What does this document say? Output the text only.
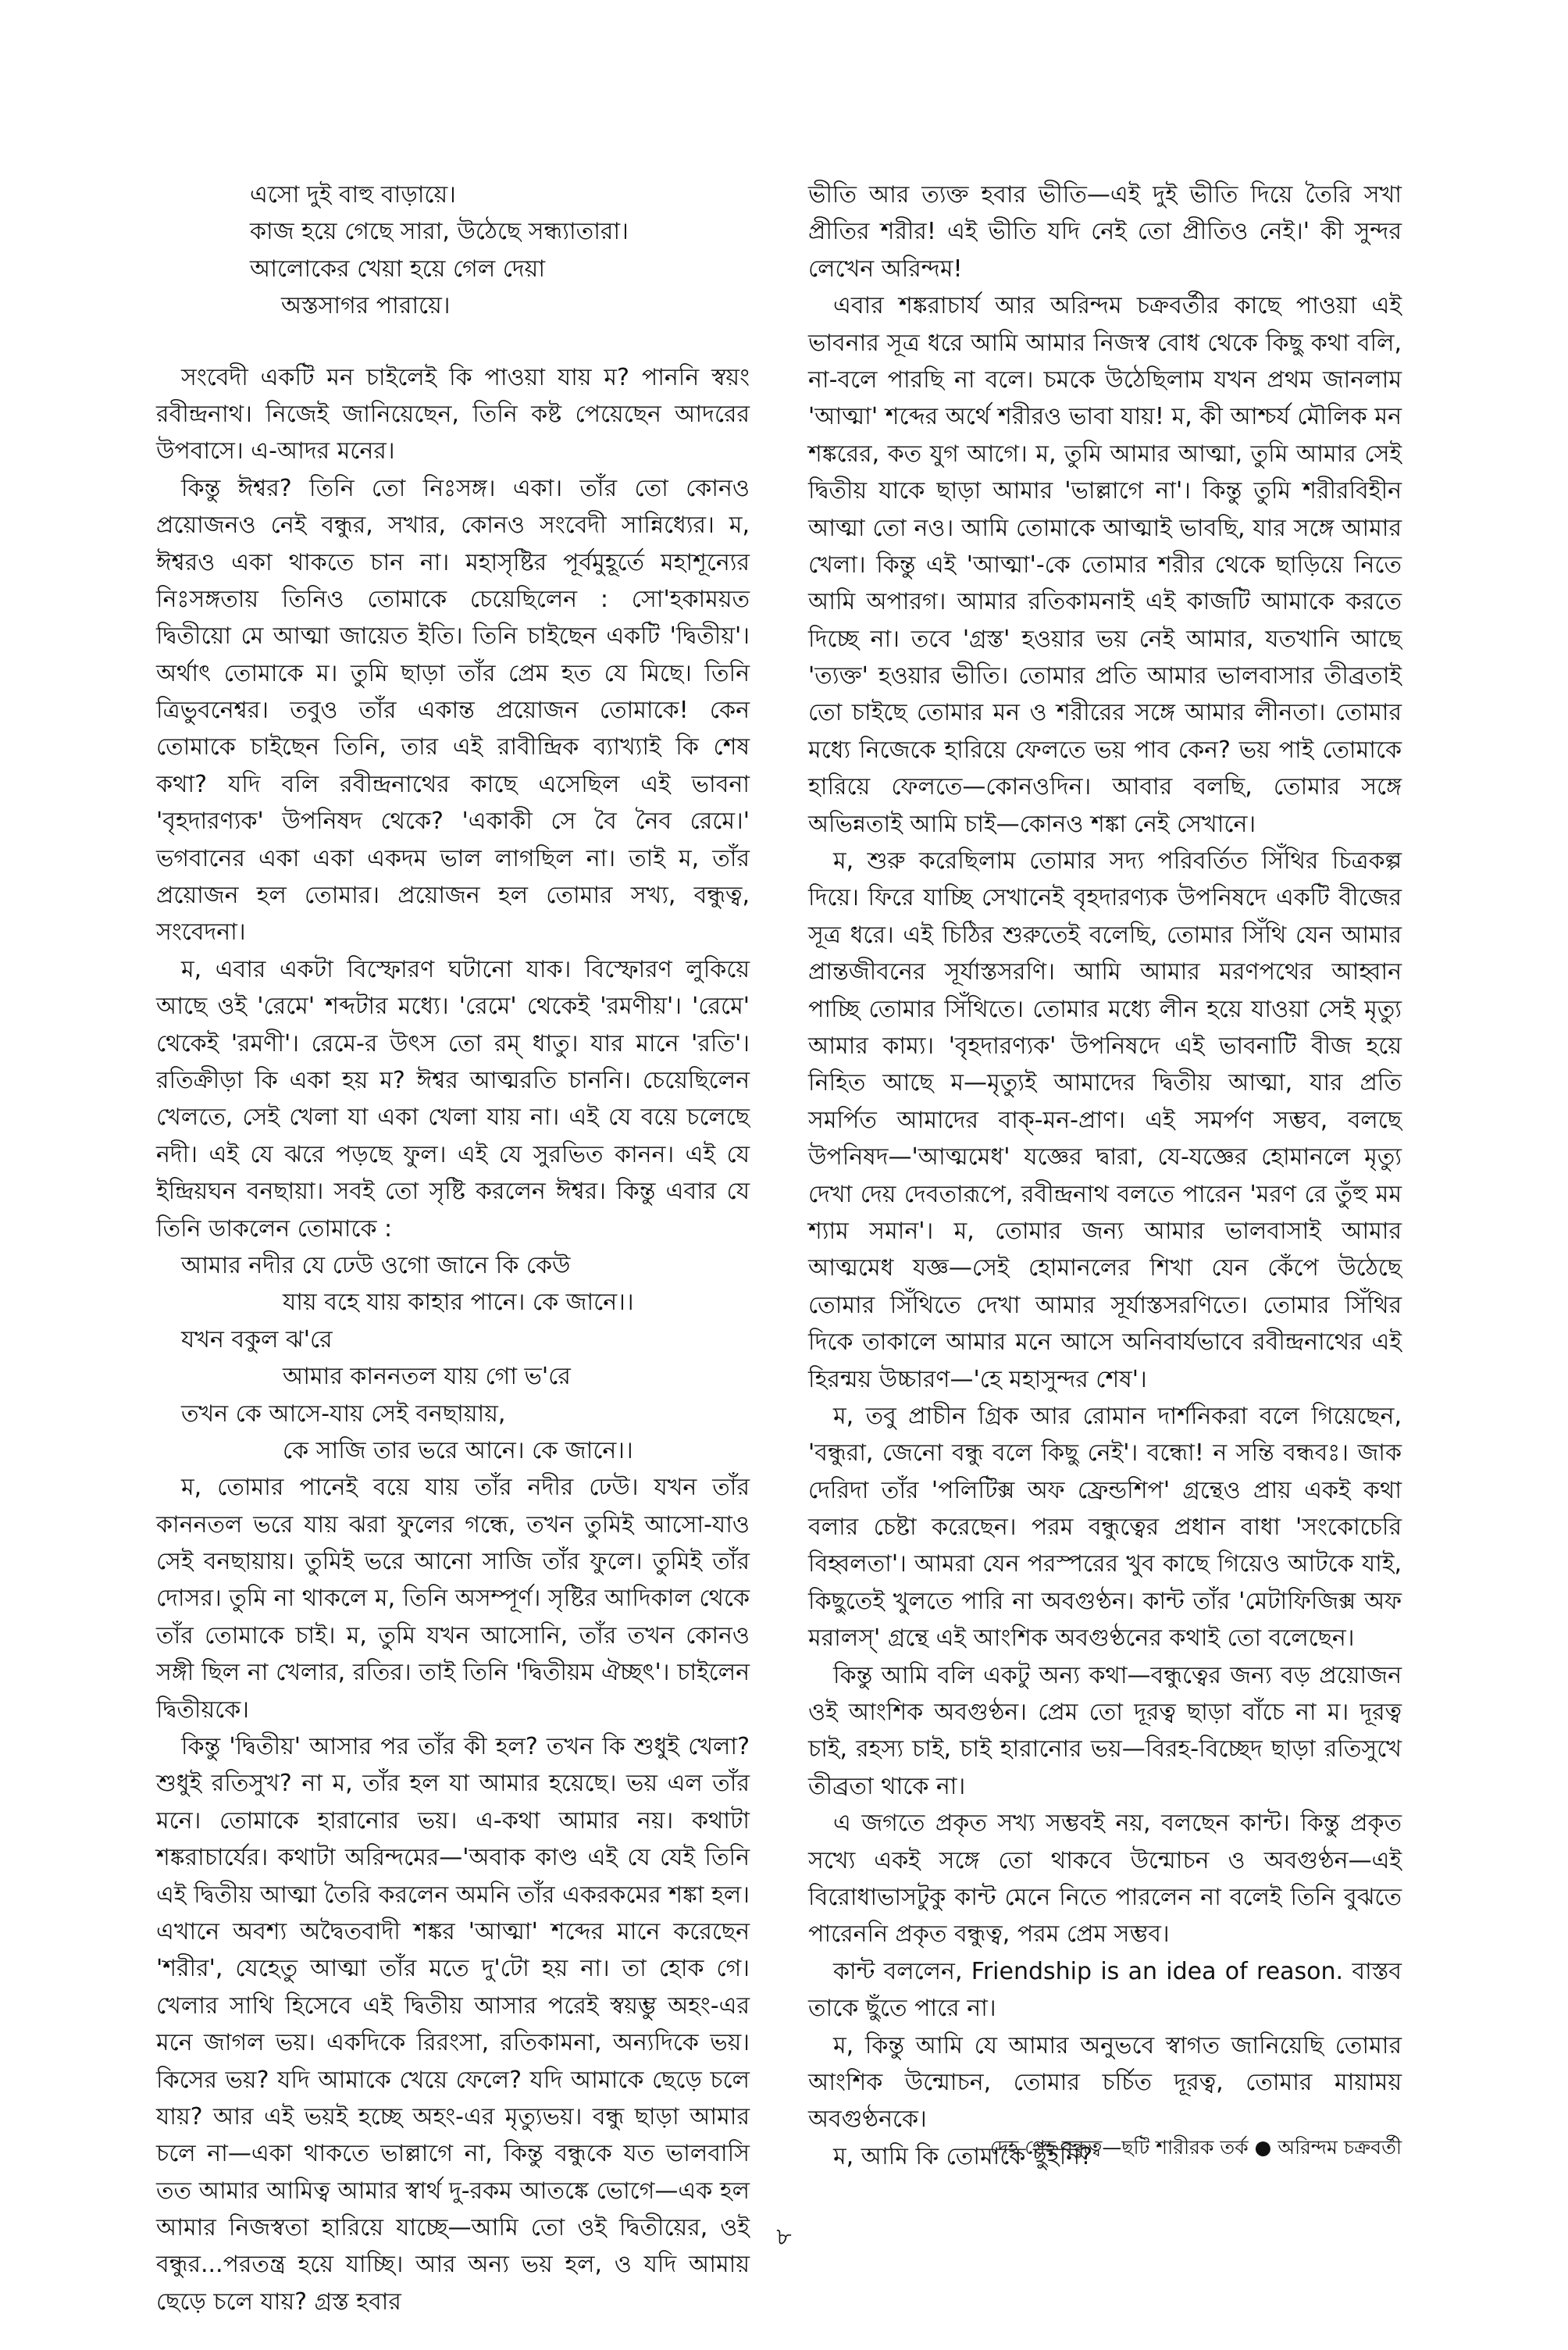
এসো দুই বাহু বাড়ায়ে।
কাজ হয়ে গেছে সারা, উঠেছে সন্ধ্যাতারা।
আলোকের খেয়া হয়ে গেল দেয়া
অস্তসাগর পারায়ে।

সংবেদী একটি মন চাইলেই কি পাওয়া যায় ম? পাননি স্বয়ং রবীন্দ্রনাথ। নিজেই জানিয়েছেন, তিনি কষ্ট পেয়েছেন আদরের উপবাসে। এ-আদর মনের।

কিন্তু ঈশ্বর? তিনি তো নিঃসঙ্গ। একা। তাঁর তো কোনও প্রয়োজনও নেই বন্ধুর, সখার, কোনও সংবেদী সান্নিধ্যের। ম, ঈশ্বরও একা থাকতে চান না। মহাসৃষ্টির পূর্বমুহূর্তে মহাশূন্যের নিঃসঙ্গতায় তিনিও তোমাকে চেয়েছিলেন : সো'হকাময়ত দ্বিতীয়ো মে আত্মা জায়েত ইতি। তিনি চাইছেন একটি 'দ্বিতীয়'। অর্থাৎ তোমাকে ম। তুমি ছাড়া তাঁর প্রেম হত যে মিছে। তিনি ত্রিভুবনেশ্বর। তবুও তাঁর একান্ত প্রয়োজন তোমাকে! কেন তোমাকে চাইছেন তিনি, তার এই রাবীন্দ্রিক ব্যাখ্যাই কি শেষ কথা? যদি বলি রবীন্দ্রনাথের কাছে এসেছিল এই ভাবনা 'বৃহদারণ্যক' উপনিষদ থেকে? 'একাকী সে বৈ নৈব রেমে।' ভগবানের একা একা একদম ভাল লাগছিল না। তাই ম, তাঁর প্রয়োজন হল তোমার। প্রয়োজন হল তোমার সখ্য, বন্ধুত্ব, সংবেদনা।

ম, এবার একটা বিস্ফোরণ ঘটানো যাক। বিস্ফোরণ লুকিয়ে আছে ওই 'রেমে' শব্দটার মধ্যে। 'রেমে' থেকেই 'রমণীয়'। 'রেমে' থেকেই 'রমণী'। রেমে-র উৎস তো রম্ ধাতু। যার মানে 'রতি'। রতিক্রীড়া কি একা হয় ম? ঈশ্বর আত্মরতি চাননি। চেয়েছিলেন খেলতে, সেই খেলা যা একা খেলা যায় না। এই যে বয়ে চলেছে নদী। এই যে ঝরে পড়ছে ফুল। এই যে সুরভিত কানন। এই যে ইন্দ্রিয়ঘন বনছায়া। সবই তো সৃষ্টি করলেন ঈশ্বর। কিন্তু এবার যে তিনি ডাকলেন তোমাকে :

আমার নদীর যে ঢেউ ওগো জানে কি কেউ
যায় বহে যায় কাহার পানে। কে জানে।।
যখন বকুল ঝ'রে
আমার কাননতল যায় গো ভ'রে
তখন কে আসে-যায় সেই বনছায়ায়,
কে সাজি তার ভরে আনে। কে জানে।।

ম, তোমার পানেই বয়ে যায় তাঁর নদীর ঢেউ। যখন তাঁর কাননতল ভরে যায় ঝরা ফুলের গন্ধে, তখন তুমিই আসো-যাও সেই বনছায়ায়। তুমিই ভরে আনো সাজি তাঁর ফুলে। তুমিই তাঁর দোসর। তুমি না থাকলে ম, তিনি অসম্পূর্ণ। সৃষ্টির আদিকাল থেকে তাঁর তোমাকে চাই। ম, তুমি যখন আসোনি, তাঁর তখন কোনও সঙ্গী ছিল না খেলার, রতির। তাই তিনি 'দ্বিতীয়ম ঐচ্ছৎ'। চাইলেন দ্বিতীয়কে।

কিন্তু 'দ্বিতীয়' আসার পর তাঁর কী হল? তখন কি শুধুই খেলা? শুধুই রতিসুখ? না ম, তাঁর হল যা আমার হয়েছে। ভয় এল তাঁর মনে। তোমাকে হারানোর ভয়। এ-কথা আমার নয়। কথাটা শঙ্করাচার্যের। কথাটা অরিন্দমের—'অবাক কাণ্ড এই যে যেই তিনি এই দ্বিতীয় আত্মা তৈরি করলেন অমনি তাঁর একরকমের শঙ্কা হল। এখানে অবশ্য অদ্বৈতবাদী শঙ্কর 'আত্মা' শব্দের মানে করেছেন 'শরীর', যেহেতু আত্মা তাঁর মতে দু'টো হয় না। তা হোক গে। খেলার সাথি হিসেবে এই দ্বিতীয় আসার পরেই স্বয়ম্ভু অহং-এর মনে জাগল ভয়। একদিকে রিরংসা, রতিকামনা, অন্যদিকে ভয়। কিসের ভয়? যদি আমাকে খেয়ে ফেলে? যদি আমাকে ছেড়ে চলে যায়? আর এই ভয়ই হচ্ছে অহং-এর মৃত্যুভয়। বন্ধু ছাড়া আমার চলে না—একা থাকতে ভাল্লাগে না, কিন্তু বন্ধুকে যত ভালবাসি তত আমার আমিত্ব আমার স্বার্থ দু-রকম আতঙ্কে ভোগে—এক হল আমার নিজস্বতা হারিয়ে যাচ্ছে—আমি তো ওই দ্বিতীয়ের, ওই বন্ধুর...পরতন্ত্র হয়ে যাচ্ছি। আর অন্য ভয় হল, ও যদি আমায় ছেড়ে চলে যায়? গ্রস্ত হবার

ভীতি আর ত্যক্ত হবার ভীতি—এই দুই ভীতি দিয়ে তৈরি সখা প্রীতির শরীর! এই ভীতি যদি নেই তো প্রীতিও নেই।' কী সুন্দর লেখেন অরিন্দম!

এবার শঙ্করাচার্য আর অরিন্দম চক্রবর্তীর কাছে পাওয়া এই ভাবনার সূত্র ধরে আমি আমার নিজস্ব বোধ থেকে কিছু কথা বলি, না-বলে পারছি না বলে। চমকে উঠেছিলাম যখন প্রথম জানলাম 'আত্মা' শব্দের অর্থে শরীরও ভাবা যায়! ম, কী আশ্চর্য মৌলিক মন শঙ্করের, কত যুগ আগে। ম, তুমি আমার আত্মা, তুমি আমার সেই দ্বিতীয় যাকে ছাড়া আমার 'ভাল্লাগে না'। কিন্তু তুমি শরীরবিহীন আত্মা তো নও। আমি তোমাকে আত্মাই ভাবছি, যার সঙ্গে আমার খেলা। কিন্তু এই 'আত্মা'-কে তোমার শরীর থেকে ছাড়িয়ে নিতে আমি অপারগ। আমার রতিকামনাই এই কাজটি আমাকে করতে দিচ্ছে না। তবে 'গ্রস্ত' হওয়ার ভয় নেই আমার, যতখানি আছে 'ত্যক্ত' হওয়ার ভীতি। তোমার প্রতি আমার ভালবাসার তীব্রতাই তো চাইছে তোমার মন ও শরীরের সঙ্গে আমার লীনতা। তোমার মধ্যে নিজেকে হারিয়ে ফেলতে ভয় পাব কেন? ভয় পাই তোমাকে হারিয়ে ফেলতে—কোনওদিন। আবার বলছি, তোমার সঙ্গে অভিন্নতাই আমি চাই—কোনও শঙ্কা নেই সেখানে।

ম, শুরু করেছিলাম তোমার সদ্য পরিবর্তিত সিঁথির চিত্রকল্প দিয়ে। ফিরে যাচ্ছি সেখানেই বৃহদারণ্যক উপনিষদে একটি বীজের সূত্র ধরে। এই চিঠির শুরুতেই বলেছি, তোমার সিঁথি যেন আমার প্রান্তজীবনের সূর্যাস্তসরণি। আমি আমার মরণপথের আহ্বান পাচ্ছি তোমার সিঁথিতে। তোমার মধ্যে লীন হয়ে যাওয়া সেই মৃত্যু আমার কাম্য। 'বৃহদারণ্যক' উপনিষদে এই ভাবনাটি বীজ হয়ে নিহিত আছে ম—মৃত্যুই আমাদের দ্বিতীয় আত্মা, যার প্রতি সমর্পিত আমাদের বাক্-মন-প্রাণ। এই সমর্পণ সম্ভব, বলছে উপনিষদ—'আত্মমেধ' যজ্ঞের দ্বারা, যে-যজ্ঞের হোমানলে মৃত্যু দেখা দেয় দেবতারূপে, রবীন্দ্রনাথ বলতে পারেন 'মরণ রে তুঁহু মম শ্যাম সমান'। ম, তোমার জন্য আমার ভালবাসাই আমার আত্মমেধ যজ্ঞ—সেই হোমানলের শিখা যেন কেঁপে উঠেছে তোমার সিঁথিতে দেখা আমার সূর্যাস্তসরণিতে। তোমার সিঁথির দিকে তাকালে আমার মনে আসে অনিবার্যভাবে রবীন্দ্রনাথের এই হিরন্ময় উচ্চারণ—'হে মহাসুন্দর শেষ'।

ম, তবু প্রাচীন গ্রিক আর রোমান দার্শনিকরা বলে গিয়েছেন, 'বন্ধুরা, জেনো বন্ধু বলে কিছু নেই'। বন্ধো! ন সন্তি বন্ধবঃ। জাক দেরিদা তাঁর 'পলিটিক্স অফ ফ্রেন্ডশিপ' গ্রন্থেও প্রায় একই কথা বলার চেষ্টা করেছেন। পরম বন্ধুত্বের প্রধান বাধা 'সংকোচেরি বিহ্বলতা'। আমরা যেন পরস্পরের খুব কাছে গিয়েও আটকে যাই, কিছুতেই খুলতে পারি না অবগুণ্ঠন। কান্ট তাঁর 'মেটাফিজিক্স অফ মরালস্' গ্রন্থে এই আংশিক অবগুণ্ঠনের কথাই তো বলেছেন।

কিন্তু আমি বলি একটু অন্য কথা—বন্ধুত্বের জন্য বড় প্রয়োজন ওই আংশিক অবগুণ্ঠন। প্রেম তো দূরত্ব ছাড়া বাঁচে না ম। দূরত্ব চাই, রহস্য চাই, চাই হারানোর ভয়—বিরহ-বিচ্ছেদ ছাড়া রতিসুখে তীব্রতা থাকে না।

এ জগতে প্রকৃত সখ্য সম্ভবই নয়, বলছেন কান্ট। কিন্তু প্রকৃত সখ্যে একই সঙ্গে তো থাকবে উন্মোচন ও অবগুণ্ঠন—এই বিরোধাভাসটুকু কান্ট মেনে নিতে পারলেন না বলেই তিনি বুঝতে পারেননি প্রকৃত বন্ধুত্ব, পরম প্রেম সম্ভব।

কান্ট বললেন, Friendship is an idea of reason. বাস্তব তাকে ছুঁতে পারে না।

ম, কিন্তু আমি যে আমার অনুভবে স্বাগত জানিয়েছি তোমার আংশিক উন্মোচন, তোমার চর্চিত দূরত্ব, তোমার মায়াময় অবগুণ্ঠনকে।

ম, আমি কি তোমাকে ছুঁইনি?

দেহ গেহ বন্ধুত্ব—ছটি শারীরক তর্ক ● অরিন্দম চক্রবর্তী
৮
